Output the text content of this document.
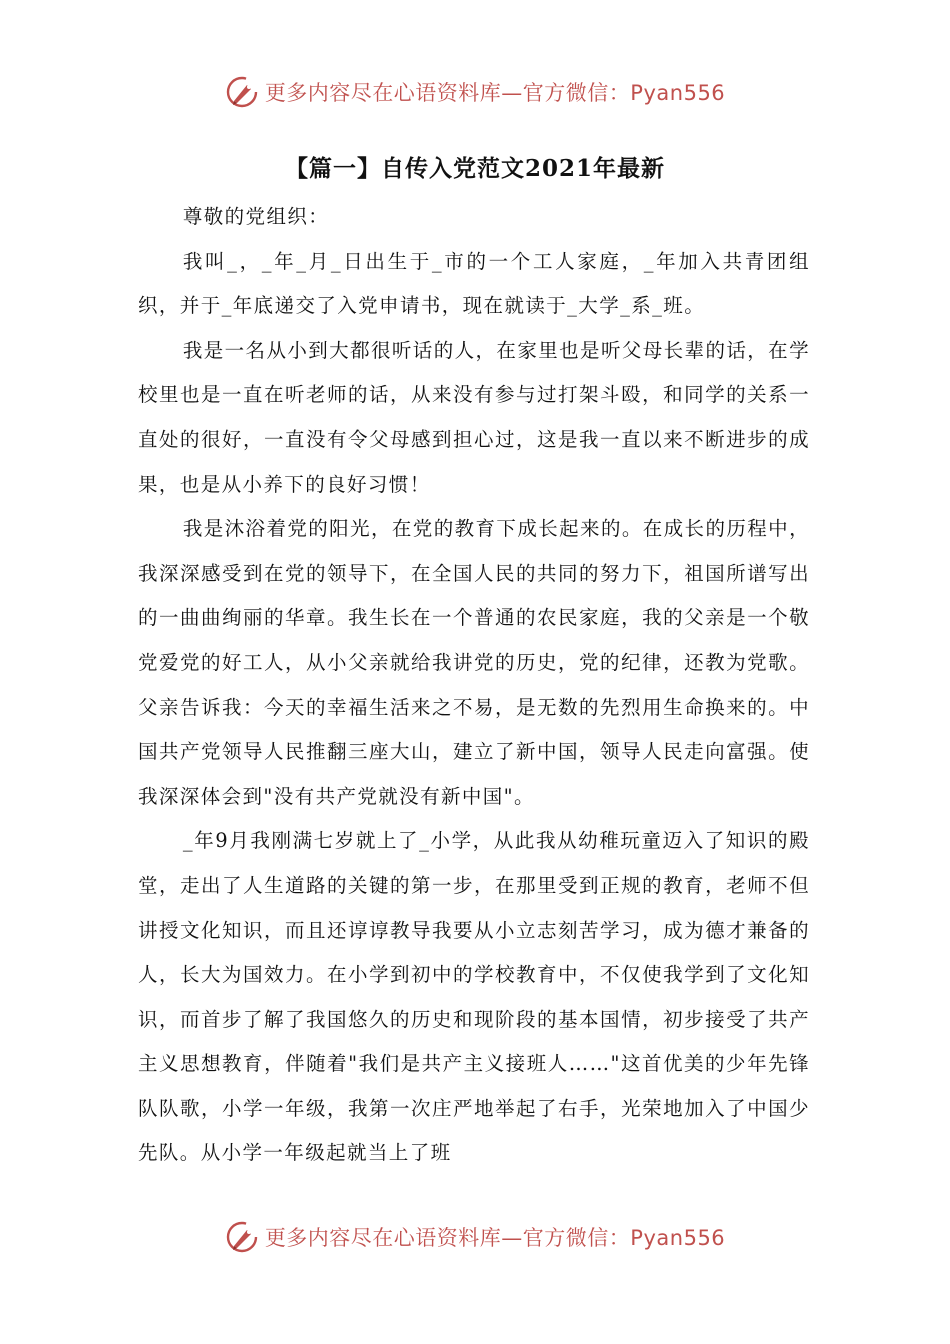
更多内容尽在心语资料库—官方微信：Pyan556
【篇一】自传入党范文2021年最新

尊敬的党组织：

我叫_，_年_月_日出生于_市的一个工人家庭，_年加入共青团组织，并于_年底递交了入党申请书，现在就读于_大学_系_班。

我是一名从小到大都很听话的人，在家里也是听父母长辈的话，在学校里也是一直在听老师的话，从来没有参与过打架斗殴，和同学的关系一直处的很好，一直没有令父母感到担心过，这是我一直以来不断进步的成果，也是从小养下的良好习惯！

我是沐浴着党的阳光，在党的教育下成长起来的。在成长的历程中，我深深感受到在党的领导下，在全国人民的共同的努力下，祖国所谱写出的一曲曲绚丽的华章。我生长在一个普通的农民家庭，我的父亲是一个敬党爱党的好工人，从小父亲就给我讲党的历史，党的纪律，还教为党歌。父亲告诉我：今天的幸福生活来之不易，是无数的先烈用生命换来的。中国共产党领导人民推翻三座大山，建立了新中国，领导人民走向富强。使我深深体会到"没有共产党就没有新中国"。

_年9月我刚满七岁就上了_小学，从此我从幼稚玩童迈入了知识的殿堂，走出了人生道路的关键的第一步，在那里受到正规的教育，老师不但讲授文化知识，而且还谆谆教导我要从小立志刻苦学习，成为德才兼备的人，长大为国效力。在小学到初中的学校教育中，不仅使我学到了文化知识，而首步了解了我国悠久的历史和现阶段的基本国情，初步接受了共产主义思想教育，伴随着"我们是共产主义接班人……"这首优美的少年先锋队队歌，小学一年级，我第一次庄严地举起了右手，光荣地加入了中国少先队。从小学一年级起就当上了班

更多内容尽在心语资料库—官方微信：Pyan556
